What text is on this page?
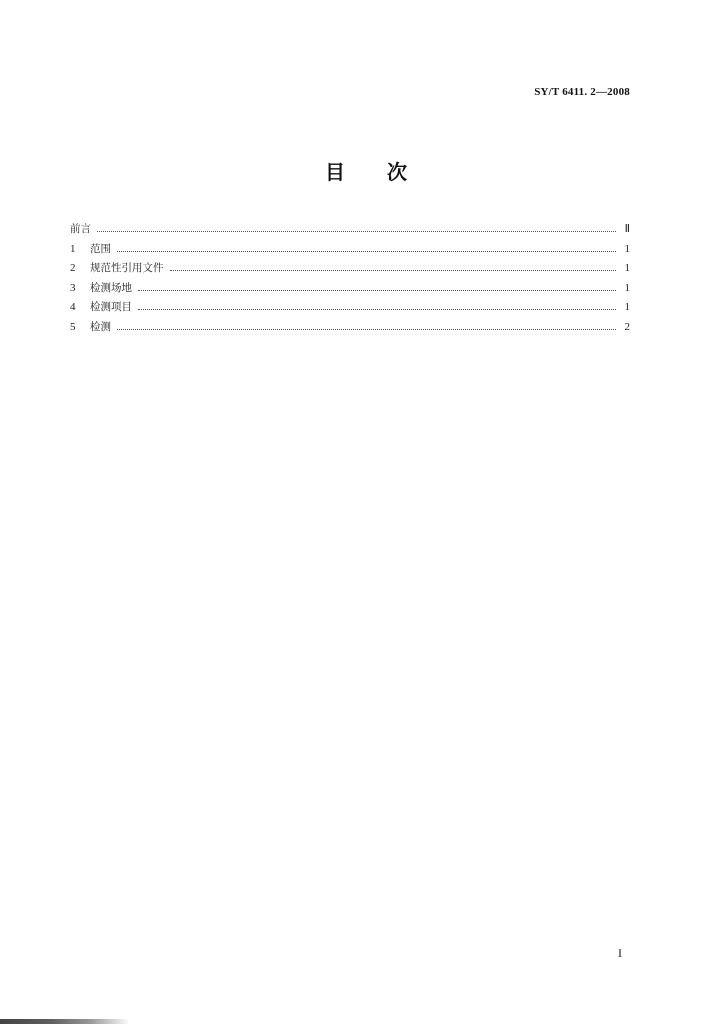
SY/T 6411. 2—2008
目 次
前言	Ⅱ
1	范围	1
2	规范性引用文件	1
3	检测场地	1
4	检测项目	1
5	检测	2
I
